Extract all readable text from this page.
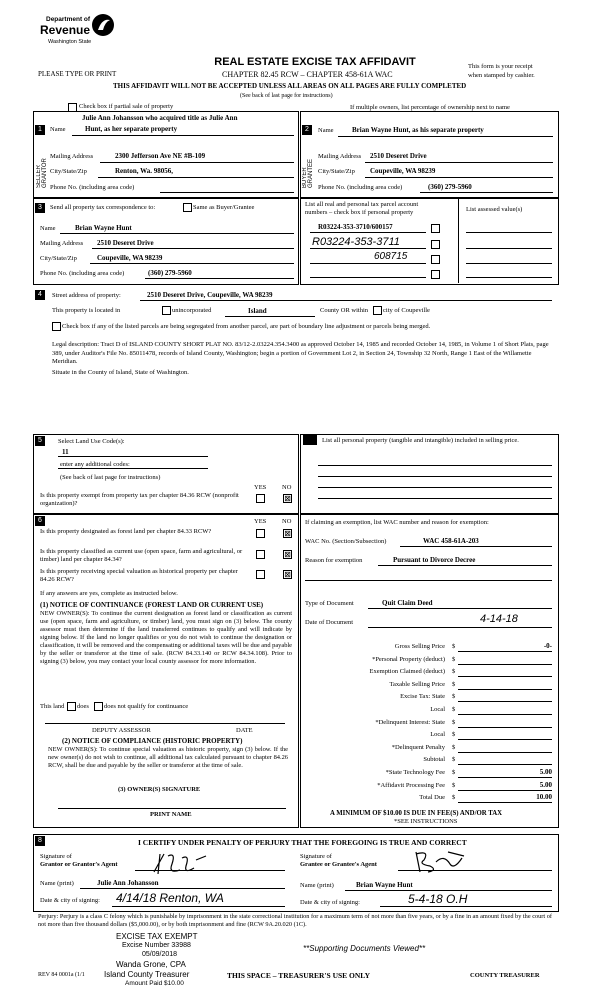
Department of
Revenue
Washington State
REAL ESTATE EXCISE TAX AFFIDAVIT
PLEASE TYPE OR PRINT	CHAPTER 82.45 RCW – CHAPTER 458-61A WAC
This form is your receipt
when stamped by cashier.
THIS AFFIDAVIT WILL NOT BE ACCEPTED UNLESS ALL AREAS ON ALL PAGES ARE FULLY COMPLETED
(See back of last page for instructions)
Check box if partial sale of property	If multiple owners, list percentage of ownership next to name
1
Julie Ann Johansson who acquired title as Julie Ann
Name	Hunt, as her separate property
SELLER GRANTOR
Mailing Address	2300 Jefferson Ave NE #B-109
City/State/Zip	Renton, Wa. 98056,
Phone No. (including area code)
2	Name	Brian Wayne Hunt, as his separate property
BUYER GRANTEE
Mailing Address 2510 Deseret Drive
City/State/Zip Coupeville, WA 98239
Phone No. (including area code)	(360) 279-5960
3	Send all property tax correspondence to:	Same as Buyer/Grantee
Name	Brian Wayne Hunt
Mailing Address 2510 Deseret Drive
City/State/Zip	Coupeville, WA 98239
Phone No. (including area code)	(360) 279-5960
List all real and personal tax parcel account
numbers – check box if personal property	List assessed value(s)
R03224-353-3710/600157
R03224-353-3711
608715
4	Street address of property:	2510 Deseret Drive, Coupeville, WA 98239
This property is located in	unincorporated	Island	County OR within city of Coupeville
Check box if any of the listed parcels are being segregated from another parcel, are part of boundary line adjustment or parcels being merged.
Legal description: Tract D of ISLAND COUNTY SHORT PLAT NO. 83/12-2.03224.354.3400 as approved October 14, 1985 and recorded October 14, 1985, in Volume 1 of Short Plats, page 389, under Auditor's File No. 85011478, records of Island County, Washington; begin a portion of Government Lot 2, in Section 24, Township 32 North, Range 1 East of the Willamette Meridian.
Situate in the County of Island, State of Washington.
5	Select Land Use Code(s):
11
enter any additional codes:
(See back of last page for instructions)
YES NO
Is this property exempt from property tax per chapter 84.36 RCW (nonprofit organization)?
⊠
List all personal property (tangible and intangible) included in selling price.
6	YES NO
Is this property designated as forest land per chapter 84.33 RCW?	⊠
Is this property classified as current use (open space, farm and agricultural, or timber) land per chapter 84.34?
⊠
Is this property receiving special valuation as historical property per chapter 84.26 RCW?
⊠
If any answers are yes, complete as instructed below.
(1) NOTICE OF CONTINUANCE (FOREST LAND OR CURRENT USE)
NEW OWNER(S): To continue the current designation as forest land or classification as current use (open space, farm and agriculture, or timber) land, you must sign on (3) below. The county assessor must then determine if the land transferred continues to qualify and will indicate by signing below. If the land no longer qualifies or you do not wish to continue the designation or classification, it will be removed and the compensating or additional taxes will be due and payable by the seller or transferor at the time of sale. (RCW 84.33.140 or RCW 84.34.108). Prior to signing (3) below, you may contact your local county assessor for more information.
This land does does not qualify for continuance
DEPUTY ASSESSOR	DATE
(2) NOTICE OF COMPLIANCE (HISTORIC PROPERTY)
NEW OWNER(S): To continue special valuation as historic property, sign (3) below. If the new owner(s) do not wish to continue, all additional tax calculated pursuant to chapter 84.26 RCW, shall be due and payable by the seller or transferor at the time of sale.
(3) OWNER(S) SIGNATURE
PRINT NAME
If claiming an exemption, list WAC number and reason for exemption:
WAC No. (Section/Subsection)	WAC 458-61A-203
Reason for exemption	Pursuant to Divorce Decree
Type of Document	Quit Claim Deed
Date of Document	4-14-18
Gross Selling Price $	-0-
*Personal Property (deduct) $
Exemption Claimed (deduct) $
Taxable Selling Price $
Excise Tax: State $
Local $
*Delinquent Interest: State $
Local $
*Delinquent Penalty $
Subtotal $
*State Technology Fee $	5.00
*Affidavit Processing Fee $	5.00
Total Due $	10.00
A MINIMUM OF $10.00 IS DUE IN FEE(S) AND/OR TAX
*SEE INSTRUCTIONS
8	I CERTIFY UNDER PENALTY OF PERJURY THAT THE FOREGOING IS TRUE AND CORRECT
Signature of
Grantor or Grantor's Agent
Signature of
Grantee or Grantee's Agent
Name (print)	Julie Ann Johansson	Name (print)	Brian Wayne Hunt
Date & city of signing: 4/14/18 Renton, WA	Date & city of signing:	5-4-18 O.H
Perjury: Perjury is a class C felony which is punishable by imprisonment in the state correctional institution for a maximum term of not more than five years, or by a fine in an amount fixed by the court of not more than five thousand dollars ($5,000.00), or by both imprisonment and fine (RCW 9A.20.020 (1C).
EXCISE TAX EXEMPT
Excise Number 33988
05/09/2018
Wanda Grone, CPA
Island County Treasurer
Amount Paid $10.00
**Supporting Documents Viewed**
REV 84 0001a (1/1	THIS SPACE – TREASURER'S USE ONLY	COUNTY TREASURER
